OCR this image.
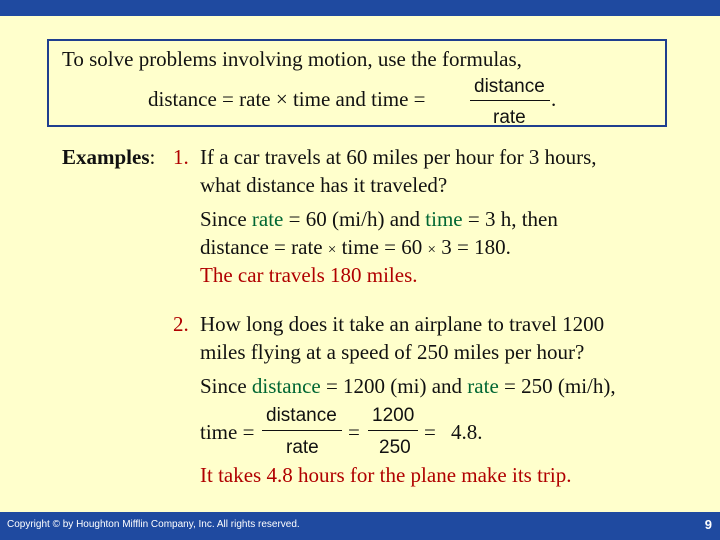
To solve problems involving motion, use the formulas,
distance = rate × time and time =
distance
rate
.
Examples: 1. If a car travels at 60 miles per hour for 3 hours,
what distance has it traveled?
Since rate = 60 (mi/h) and time = 3 h, then
distance = rate × time = 60 × 3 = 180.
The car travels 180 miles.
2. How long does it take an airplane to travel 1200
miles flying at a speed of 250 miles per hour?
Since distance = 1200 (mi) and rate = 250 (mi/h),
time =
distance
rate
=
1200
250
= 4.8.
It takes 4.8 hours for the plane make its trip.
Copyright © by Houghton Mifflin Company, Inc. All rights reserved.	9
